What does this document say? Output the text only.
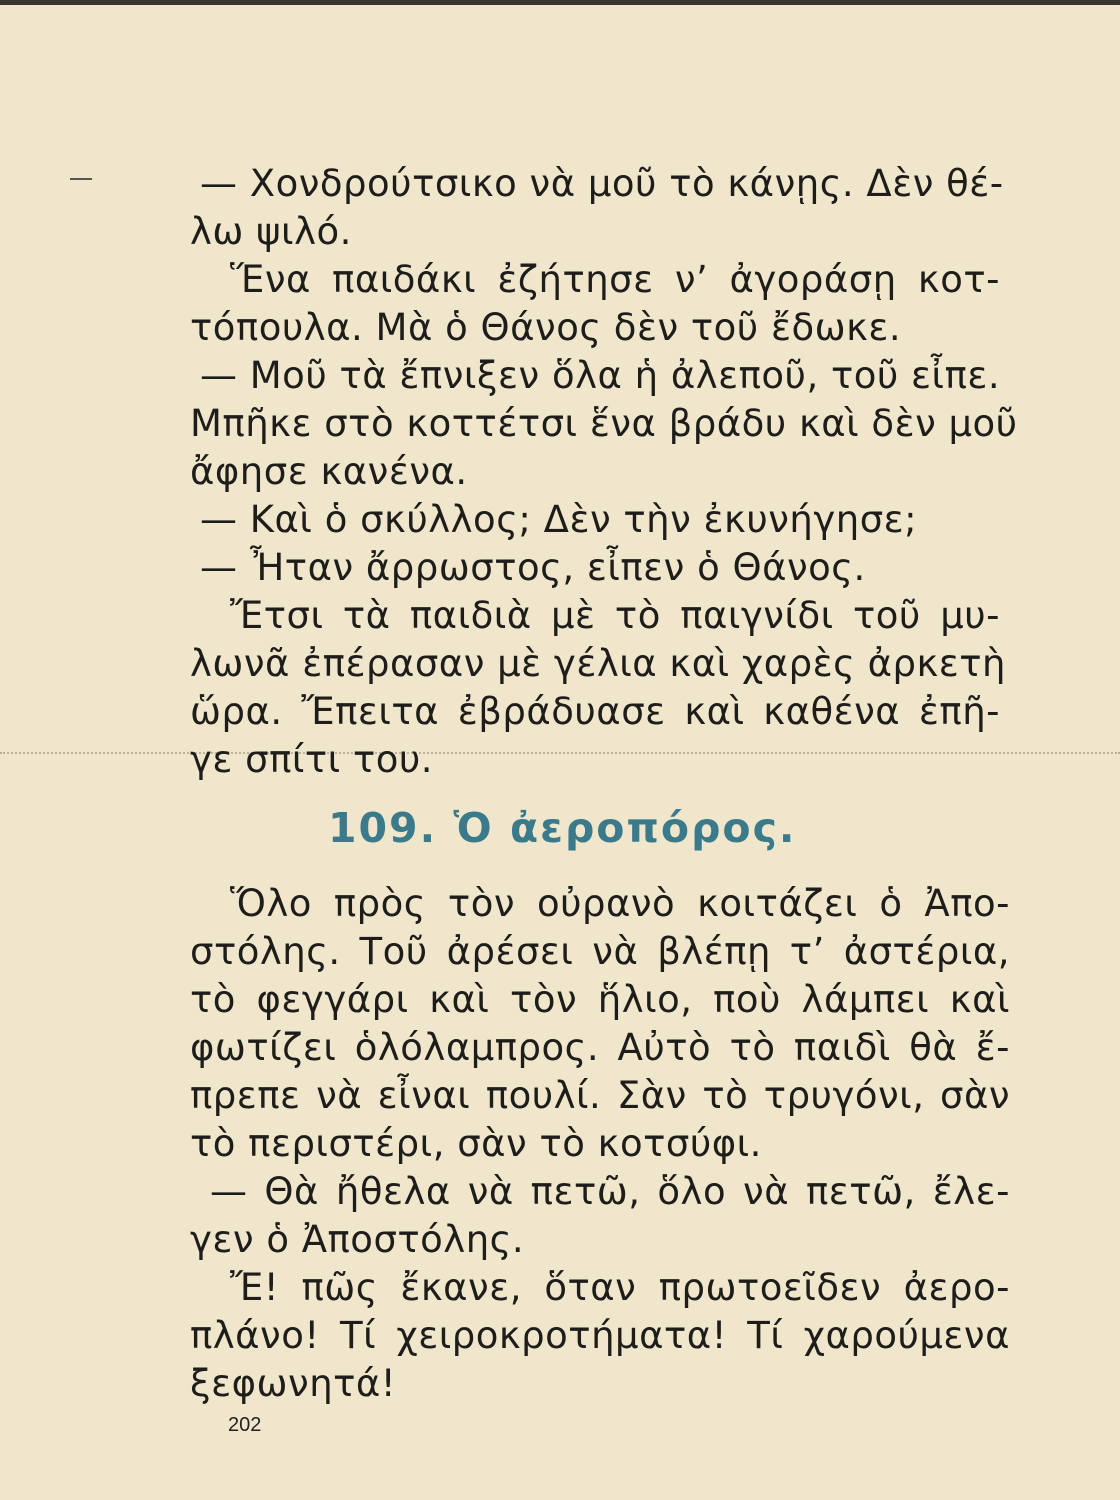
— Χονδρούτσικο νὰ μοῦ τὸ κάνῃς. Δὲν θέ-
λω ψιλό.
Ἕνα παιδάκι ἐζήτησε ν’ ἀγοράσῃ κοτ-
τόπουλα. Μὰ ὁ Θάνος δὲν τοῦ ἔδωκε.
— Μοῦ τὰ ἔπνιξεν ὅλα ἡ ἀλεποῦ, τοῦ εἶπε.
Μπῆκε στὸ κοττέτσι ἕνα βράδυ καὶ δὲν μοῦ
ἄφησε κανένα.
— Καὶ ὁ σκύλλος; Δὲν τὴν ἐκυνήγησε;
— Ἦταν ἄρρωστος, εἶπεν ὁ Θάνος.
Ἔτσι τὰ παιδιὰ μὲ τὸ παιγνίδι τοῦ μυ-
λωνᾶ ἐπέρασαν μὲ γέλια καὶ χαρὲς ἀρκετὴ
ὥρα. Ἔπειτα ἐβράδυασε καὶ καθένα ἐπῆ-
γε σπίτι του.
109. Ὁ ἀεροπόρος.
Ὅλο πρὸς τὸν οὐρανὸ κοιτάζει ὁ Ἀπο-
στόλης. Τοῦ ἀρέσει νὰ βλέπῃ τ’ ἀστέρια,
τὸ φεγγάρι καὶ τὸν ἥλιο, ποὺ λάμπει καὶ
φωτίζει ὁλόλαμπρος. Αὐτὸ τὸ παιδὶ θὰ ἔ-
πρεπε νὰ εἶναι πουλί. Σὰν τὸ τρυγόνι, σὰν
τὸ περιστέρι, σὰν τὸ κοτσύφι.
— Θὰ ἤθελα νὰ πετῶ, ὅλο νὰ πετῶ, ἔλε-
γεν ὁ Ἀποστόλης.
Ἔ! πῶς ἔκανε, ὅταν πρωτοεῖδεν ἀερο-
πλάνο! Τί χειροκροτήματα! Τί χαρούμενα
ξεφωνητά!
202
